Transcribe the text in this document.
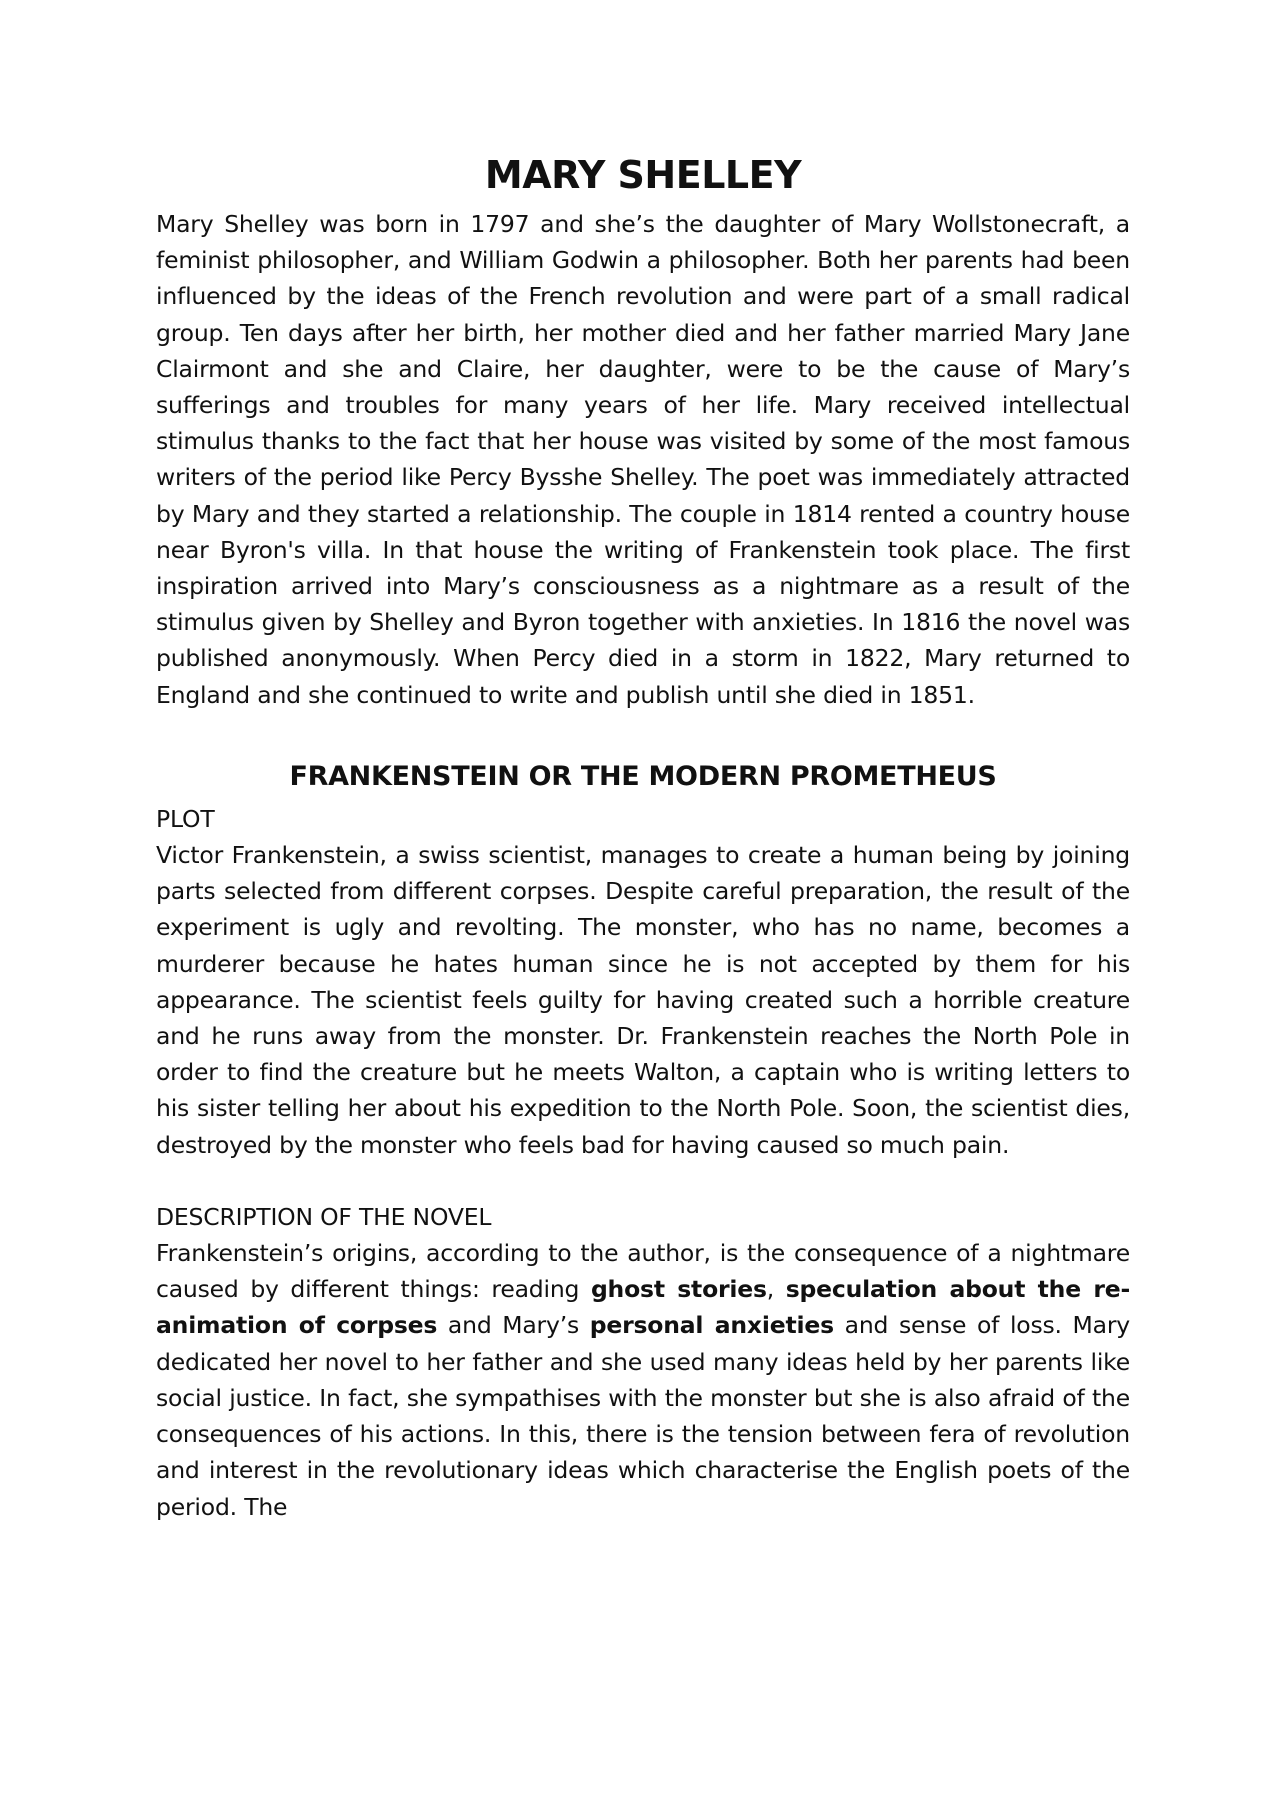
MARY SHELLEY

Mary Shelley was born in 1797 and she’s the daughter of Mary Wollstonecraft, a feminist philosopher, and William Godwin a philosopher. Both her parents had been influenced by the ideas of the French revolution and were part of a small radical group. Ten days after her birth, her mother died and her father married Mary Jane Clairmont and she and Claire, her daughter, were to be the cause of Mary’s sufferings and troubles for many years of her life. Mary received intellectual stimulus thanks to the fact that her house was visited by some of the most famous writers of the period like Percy Bysshe Shelley. The poet was immediately attracted by Mary and they started a relationship. The couple in 1814 rented a country house near Byron's villa. In that house the writing of Frankenstein took place. The first inspiration arrived into Mary’s consciousness as a nightmare as a result of the stimulus given by Shelley and Byron together with anxieties. In 1816 the novel was published anonymously. When Percy died in a storm in 1822, Mary returned to England and she continued to write and publish until she died in 1851.

FRANKENSTEIN OR THE MODERN PROMETHEUS

PLOT

Victor Frankenstein, a swiss scientist, manages to create a human being by joining parts selected from different corpses. Despite careful preparation, the result of the experiment is ugly and revolting. The monster, who has no name, becomes a murderer because he hates human since he is not accepted by them for his appearance. The scientist feels guilty for having created such a horrible creature and he runs away from the monster. Dr. Frankenstein reaches the North Pole in order to find the creature but he meets Walton, a captain who is writing letters to his sister telling her about his expedition to the North Pole. Soon, the scientist dies, destroyed by the monster who feels bad for having caused so much pain.

DESCRIPTION OF THE NOVEL

Frankenstein’s origins, according to the author, is the consequence of a nightmare caused by different things: reading ghost stories, speculation about the re-animation of corpses and Mary’s personal anxieties and sense of loss. Mary dedicated her novel to her father and she used many ideas held by her parents like social justice. In fact, she sympathises with the monster but she is also afraid of the consequences of his actions. In this, there is the tension between fera of revolution and interest in the revolutionary ideas which characterise the English poets of the period. The
